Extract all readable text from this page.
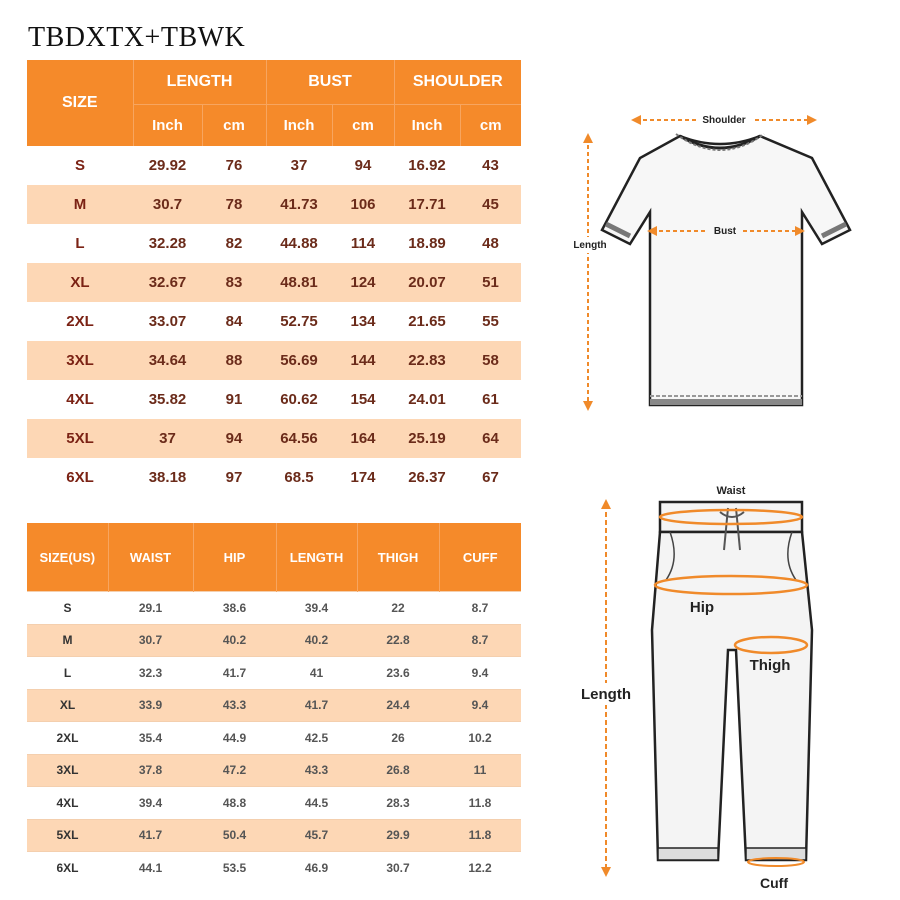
TBDXTX+TBWK
SIZE	LENGTH		BUST		SHOULDER	
	Inch	cm	Inch	cm	Inch	cm
S	29.92	76	37	94	16.92	43
M	30.7	78	41.73	106	17.71	45
L	32.28	82	44.88	114	18.89	48
XL	32.67	83	48.81	124	20.07	51
2XL	33.07	84	52.75	134	21.65	55
3XL	34.64	88	56.69	144	22.83	58
4XL	35.82	91	60.62	154	24.01	61
5XL	37	94	64.56	164	25.19	64
6XL	38.18	97	68.5	174	26.37	67
SIZE(US)	WAIST	HIP	LENGTH	THIGH	CUFF
S	29.1	38.6	39.4	22	8.7
M	30.7	40.2	40.2	22.8	8.7
L	32.3	41.7	41	23.6	9.4
XL	33.9	43.3	41.7	24.4	9.4
2XL	35.4	44.9	42.5	26	10.2
3XL	37.8	47.2	43.3	26.8	11
4XL	39.4	48.8	44.5	28.3	11.8
5XL	41.7	50.4	45.7	29.9	11.8
6XL	44.1	53.5	46.9	30.7	12.2
Shoulder
Bust
Length
Waist
Hip
Thigh
Cuff
Length
